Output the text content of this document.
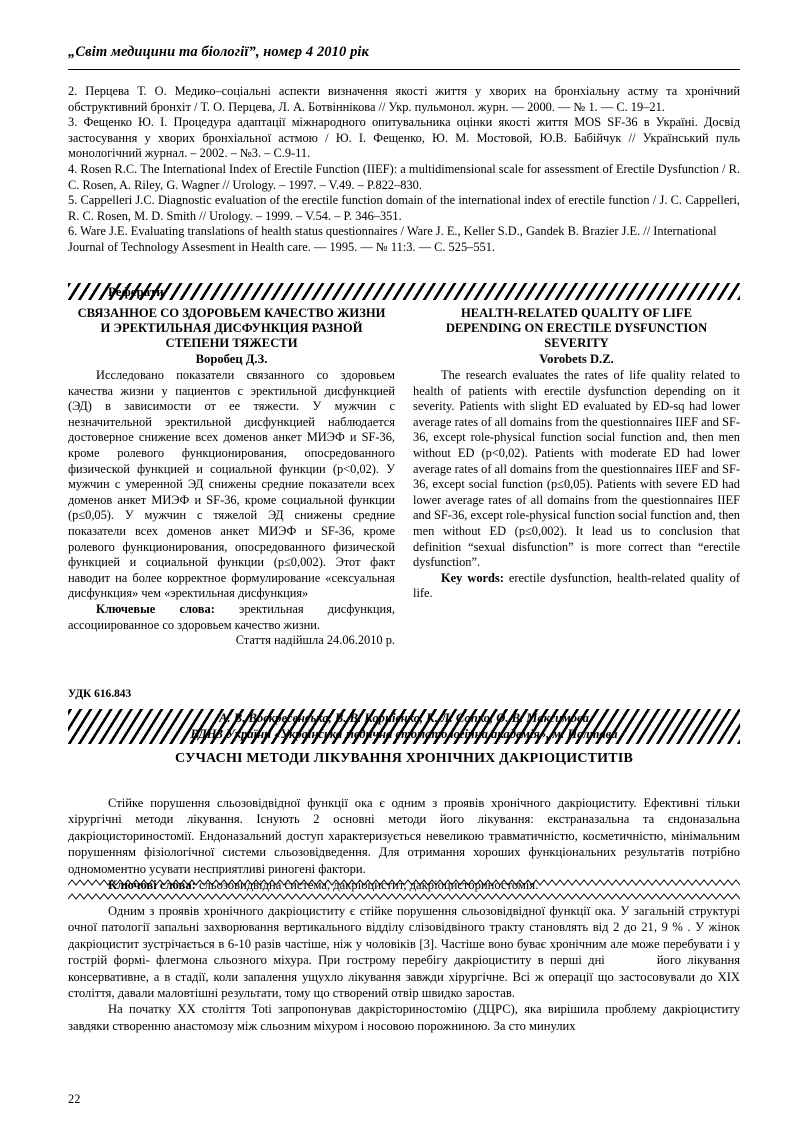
„Світ медицини та біології”, номер 4 2010 рік

2. Перцева Т. О. Медико–соціальні аспекти визначення якості життя у хворих на бронхіальну астму та хронічний обструктивний бронхіт / Т. О. Перцева, Л. А. Ботвіннікова // Укр. пульмонол. журн. — 2000. — № 1. — С. 19–21.

3. Фещенко Ю. І. Процедура адаптації міжнародного опитувальника оцінки якості життя MOS SF-36 в Україні. Досвід застосування у хворих бронхіальної астмою / Ю. І. Фещенко, Ю. М. Мостовой, Ю.В. Бабійчук // Український пуль монологічний журнал. – 2002. – №3. – С.9-11.

4. Rosen R.C. The International Index of Erectile Function (IIEF): a multidimensional scale for assessment of Erectile Dysfunction / R. C. Rosen, A. Riley, G. Wagner // Urology. – 1997. – V.49. – P.822–830.

5. Cappelleri J.C. Diagnostic evaluation of the erectile function domain of the international index of erectile function / J. C. Cappelleri, R. C. Rosen, M. D. Smith // Urology. – 1999. – V.54. – P. 346–351.

6. Ware J.E. Evaluating translations of health status questionnaires / Ware J. E., Keller S.D., Gandek B. Brazier J.E. // International Journal of Technology Assesment in Health care. — 1995. — № 11:3. — C. 525–551.

Реферати

СВЯЗАННОЕ СО ЗДОРОВЬЕМ КАЧЕСТВО ЖИЗНИ

И ЭРЕКТИЛЬНАЯ ДИСФУНКЦИЯ РАЗНОЙ

СТЕПЕНИ ТЯЖЕСТИ

Воробец Д.З.

Исследовано показатели связанного со здоровьем качества жизни у пациентов с эректильной дисфункцией (ЭД) в зависимости от ее тяжести. У мужчин с незначительной эректильной дисфункцией наблюдается достоверное снижение всех доменов анкет МИЭФ и SF-36, кроме ролевого функционирования, опосредованного физической функцией и социальной функции (р<0,02). У мужчин с умеренной ЭД снижены средние показатели всех доменов анкет МИЭФ и SF-36, кроме социальной функции (р≤0,05). У мужчин с тяжелой ЭД снижены средние показатели всех доменов анкет МИЭФ и SF-36, кроме ролевого функционирования, опосредованного физической функцией и социальной функции (р≤0,002). Этот факт наводит на более корректное формулирование «сексуальная дисфункция» чем «эректильная дисфункция»

Ключевые слова: эректильная дисфункция, ассоциированное со здоровьем качество жизни.

Стаття надійшла 24.06.2010 р.

HEALTH-RELATED QUALITY OF LIFE

DEPENDING ON ERECTILE DYSFUNCTION

SEVERITY

Vorobets D.Z.

The research evaluates the rates of life quality related to health of patients with erectile dysfunction depending on it severity. Patients with slight ED evaluated by ED-sq had lower average rates of all domains from the questionnaires ІІЕF and SF-36, except role-physical function social function and, then men without ED (p<0,02). Patients with moderate ED had lower average rates of all domains from the questionnaires ІІЕF and SF-36, except social function (p≤0,05). Patients with severe ED had lower average rates of all domains from the questionnaires ІІЕF and SF-36, except role-physical function social function and, then men without ED (p≤0,002). It lead us to conclusion that definition “sexual disfunction” is more correct than “erectile dysfunction”.

Key words: erectile dysfunction, health-related quality of life.

УДК 616.843
А. В. Воскресенська, В. В. Корнієнко, К. Л. Сопко, О. В. Максимова
ВДНЗ України «Українська медична стоматологічна академія», м. Полтава
СУЧАСНІ МЕТОДИ ЛІКУВАННЯ ХРОНІЧНИХ ДАКРІОЦИСТИТІВ

Стійке порушення сльозовідвідної функції ока є одним з проявів хронічного дакріоциститу. Ефективні тільки хірургічні методи лікування. Існують 2 основні методи його лікування: екстраназальна та єндоназальна дакріоцисториностомії. Ендоназальний доступ характеризується невеликою травматичністю, косметичністю, мінімальним порушенням фізіологічної системи сльозовідведення. Для отримання хороших функціональних результатів потрібно одномоментно усувати несприятливі риногені фактори.

Ключові слова: сльозовидвідна система, дакріоцистит, дакріоцисториностомія.

Одним з проявів хронічного дакріоциститу є стійке порушення сльозовідвідної функції ока. У загальній структурі очної патології запальні захворювання вертикального відділу слізовідвіного тракту становлять від 2 до 21, 9 % . У жінок дакріоцистит зустрічається в 6-10 разів частіше, ніж у чоловіків [3]. Частіше воно буває хронічним але може перебувати і у гострій формі- флегмона сльозного міхура. При гострому перебігу дакріоциститу в перші дні	його лікування консервативне, а в стадії, коли запалення ущухло лікування завжди хірургічне. Всі ж операції що застосовували до XIX століття, давали маловтішні результати, тому що створений отвір швидко заростав.

На початку ХХ століття Toti запропонував дакрісториностомію (ДЦРС), яка вирішила проблему дакріоциститу завдяки створенню анастомозу між сльозним міхуром і носовою порожниною. За сто минулих

22
